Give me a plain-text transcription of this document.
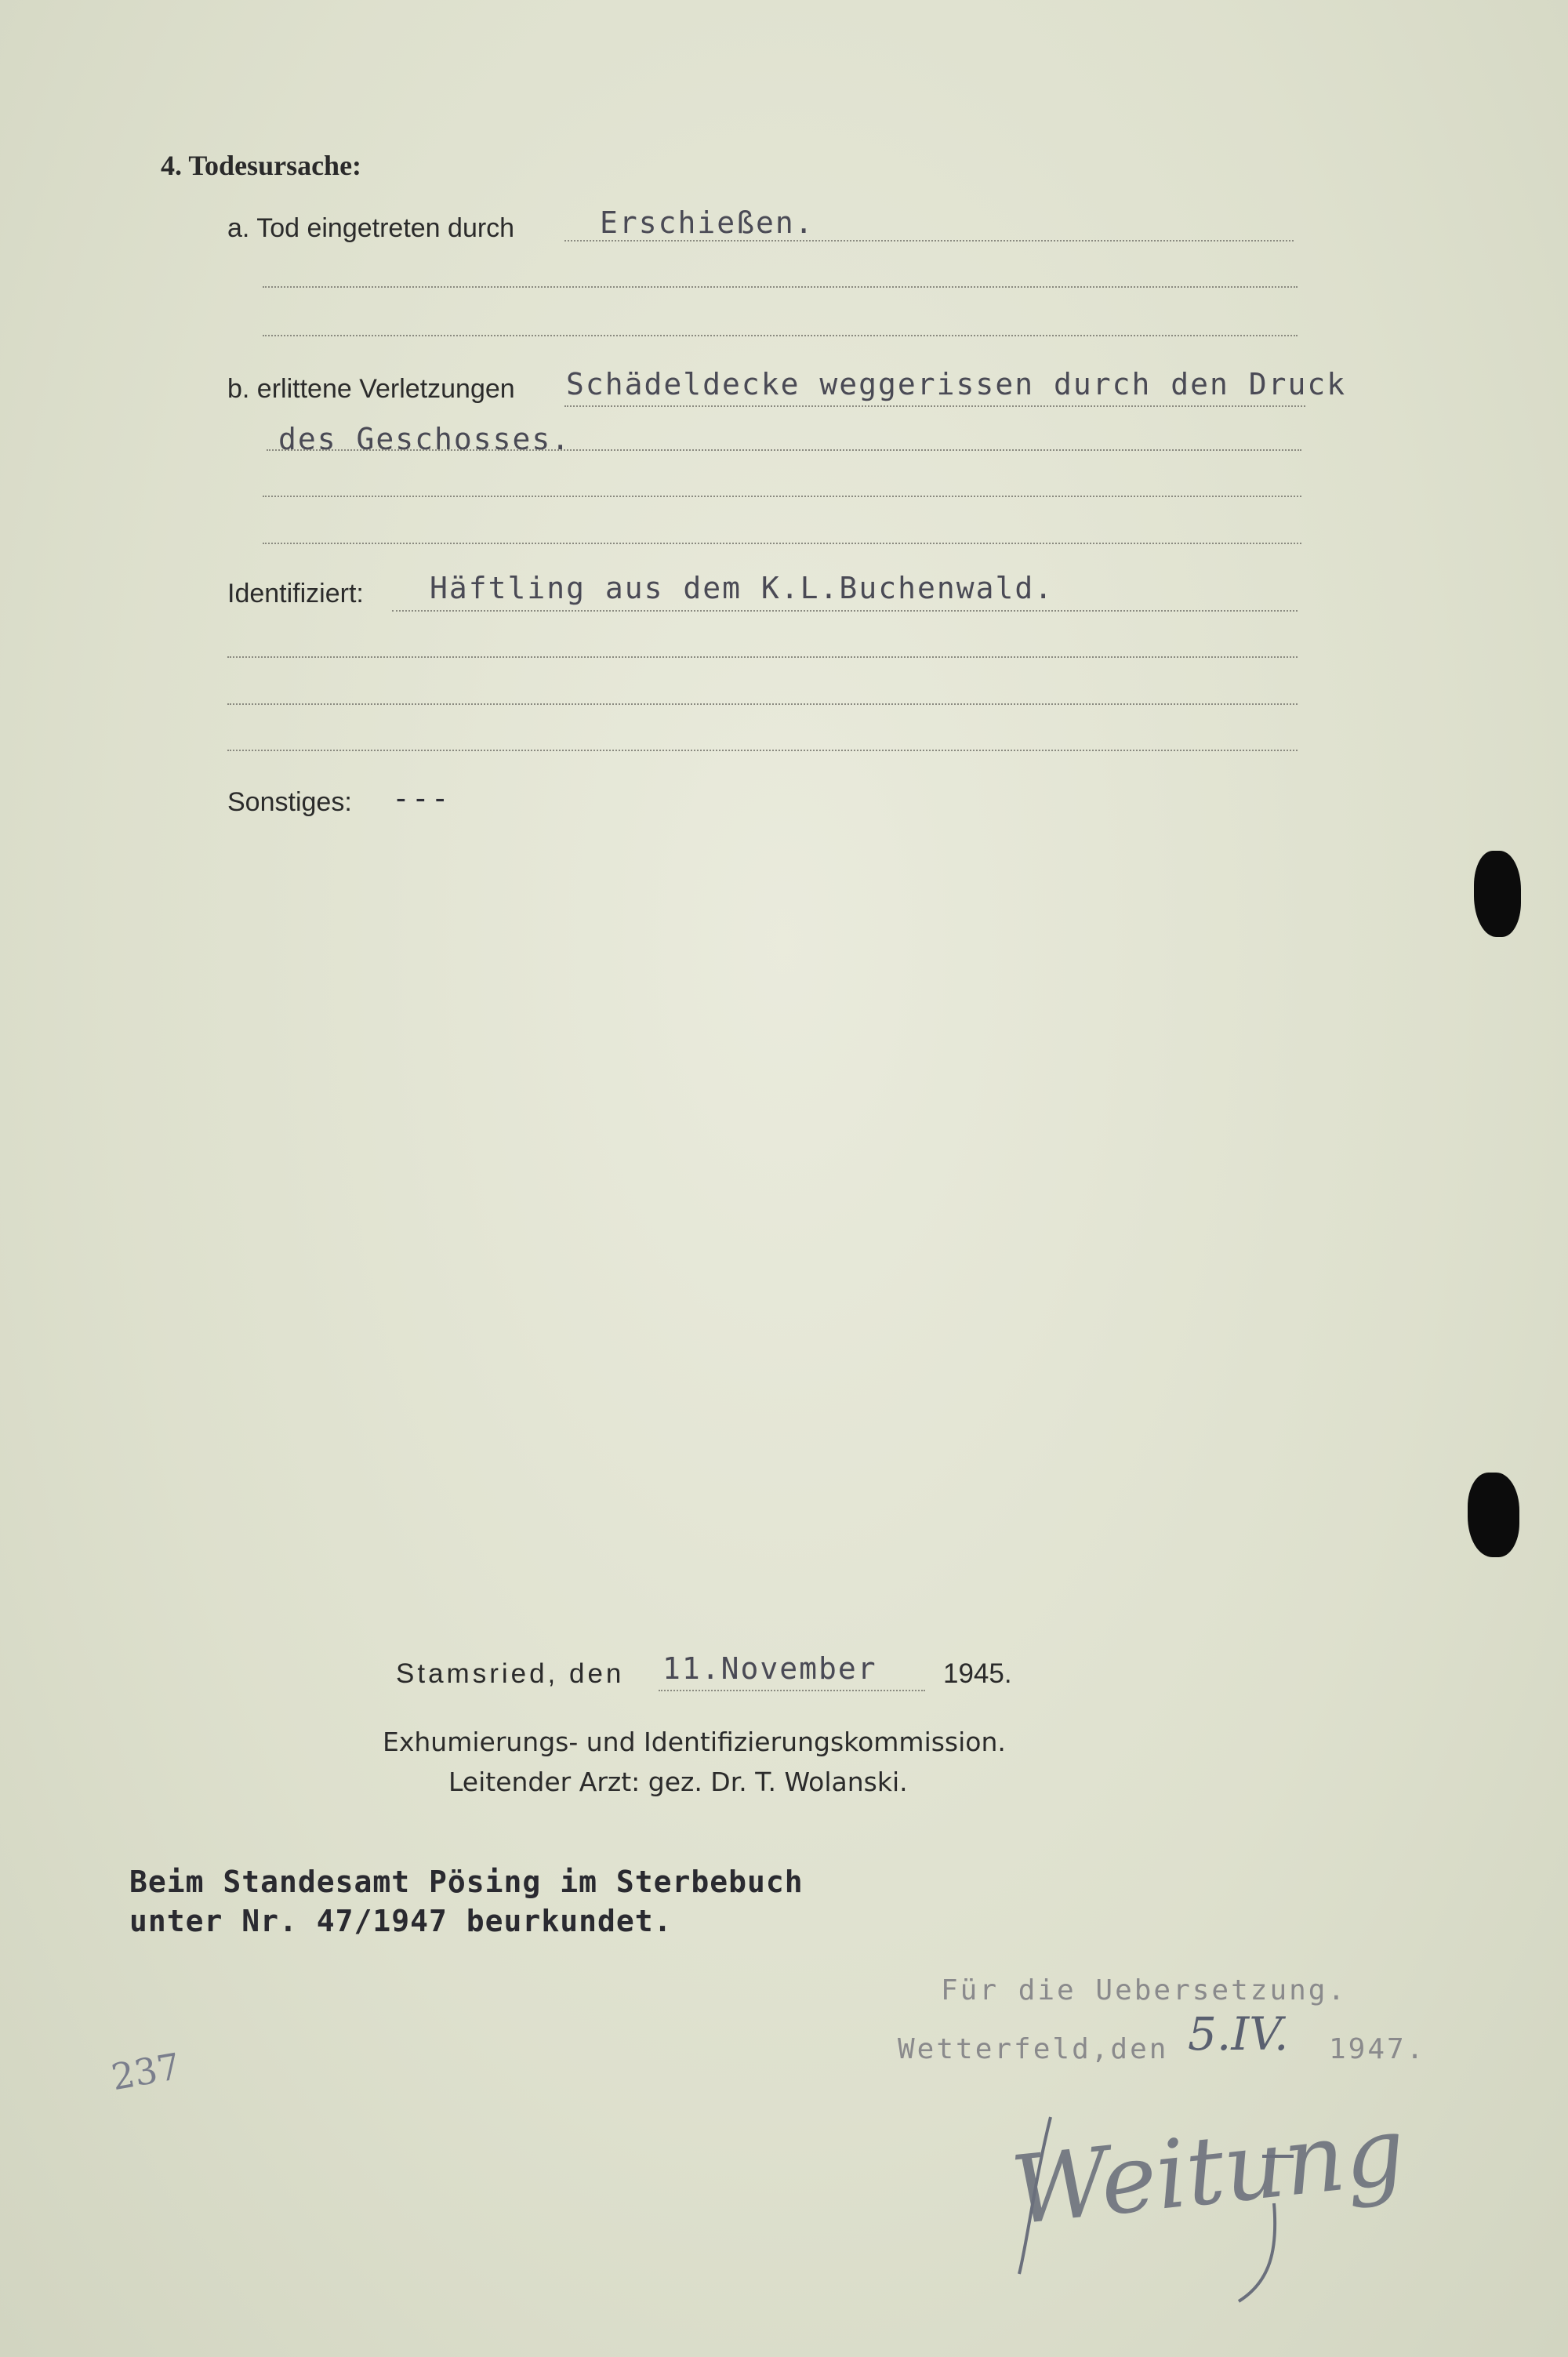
4. Todesursache:
a. Tod eingetreten durch	Erschießen.
b. erlittene Verletzungen Schädeldecke weggerissen durch den Druck
des Geschosses.
Identifiziert: Häftling aus dem K.L.Buchenwald.
Sonstiges: ---
Stamsried, den 11.November 1945.
Exhumierungs- und Identifizierungskommission.
Leitender Arzt: gez. Dr. T. Wolanski.
Beim Standesamt Pösing im Sterbebuch
unter Nr. 47/1947 beurkundet.
237
Für die Uebersetzung.
Wetterfeld,den 5.IV. 1947.
Weitung
